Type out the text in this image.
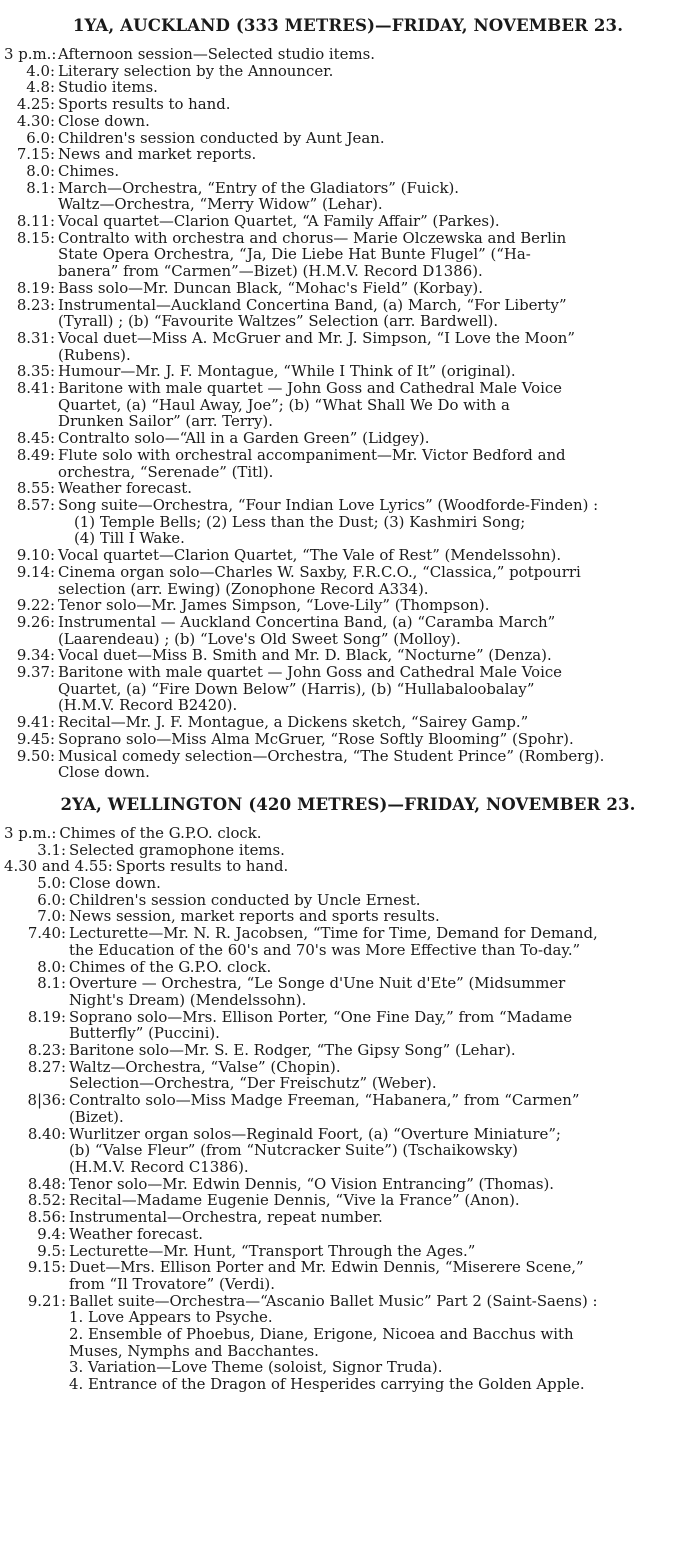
1YA, AUCKLAND (333 METRES)—FRIDAY, NOVEMBER 23.
3 p.m.: Afternoon session—Selected studio items.
4.0: Literary selection by the Announcer.
4.8: Studio items.
4.25: Sports results to hand.
4.30: Close down.
6.0: Children's session conducted by Aunt Jean.
7.15: News and market reports.
8.0: Chimes.
8.1: March—Orchestra, “Entry of the Gladiators” (Fuick).
Waltz—Orchestra, “Merry Widow” (Lehar).
8.11: Vocal quartet—Clarion Quartet, “A Family Affair” (Parkes).
8.15: Contralto with orchestra and chorus— Marie Olczewska and Berlin
State Opera Orchestra, “Ja, Die Liebe Hat Bunte Flugel” (“Ha-
banera” from “Carmen”—Bizet) (H.M.V. Record D1386).
8.19: Bass solo—Mr. Duncan Black, “Mohac's Field” (Korbay).
8.23: Instrumental—Auckland Concertina Band, (a) March, “For Liberty”
(Tyrall) ; (b) “Favourite Waltzes” Selection (arr. Bardwell).
8.31: Vocal duet—Miss A. McGruer and Mr. J. Simpson, “I Love the Moon”
(Rubens).
8.35: Humour—Mr. J. F. Montague, “While I Think of It” (original).
8.41: Baritone with male quartet — John Goss and Cathedral Male Voice
Quartet, (a) “Haul Away, Joe”; (b) “What Shall We Do with a
Drunken Sailor” (arr. Terry).
8.45: Contralto solo—“All in a Garden Green” (Lidgey).
8.49: Flute solo with orchestral accompaniment—Mr. Victor Bedford and
orchestra, “Serenade” (Titl).
8.55: Weather forecast.
8.57: Song suite—Orchestra, “Four Indian Love Lyrics” (Woodforde-Finden) :
(1) Temple Bells; (2) Less than the Dust; (3) Kashmiri Song;
(4) Till I Wake.
9.10: Vocal quartet—Clarion Quartet, “The Vale of Rest” (Mendelssohn).
9.14: Cinema organ solo—Charles W. Saxby, F.R.C.O., “Classica,” potpourri
selection (arr. Ewing) (Zonophone Record A334).
9.22: Tenor solo—Mr. James Simpson, “Love-Lily” (Thompson).
9.26: Instrumental — Auckland Concertina Band, (a) “Caramba March”
(Laarendeau) ; (b) “Love's Old Sweet Song” (Molloy).
9.34: Vocal duet—Miss B. Smith and Mr. D. Black, “Nocturne” (Denza).
9.37: Baritone with male quartet — John Goss and Cathedral Male Voice
Quartet, (a) “Fire Down Below” (Harris), (b) “Hullabaloobalay”
(H.M.V. Record B2420).
9.41: Recital—Mr. J. F. Montague, a Dickens sketch, “Sairey Gamp.”
9.45: Soprano solo—Miss Alma McGruer, “Rose Softly Blooming” (Spohr).
9.50: Musical comedy selection—Orchestra, “The Student Prince” (Romberg).
Close down.
2YA, WELLINGTON (420 METRES)—FRIDAY, NOVEMBER 23.
3 p.m.: Chimes of the G.P.O. clock.
3.1: Selected gramophone items.
4.30 and 4.55: Sports results to hand.
5.0: Close down.
6.0: Children's session conducted by Uncle Ernest.
7.0: News session, market reports and sports results.
7.40: Lecturette—Mr. N. R. Jacobsen, “Time for Time, Demand for Demand,
the Education of the 60's and 70's was More Effective than To-day.”
8.0: Chimes of the G.P.O. clock.
8.1: Overture — Orchestra, “Le Songe d'Une Nuit d'Ete” (Midsummer
Night's Dream) (Mendelssohn).
8.19: Soprano solo—Mrs. Ellison Porter, “One Fine Day,” from “Madame
Butterfly” (Puccini).
8.23: Baritone solo—Mr. S. E. Rodger, “The Gipsy Song” (Lehar).
8.27: Waltz—Orchestra, “Valse” (Chopin).
Selection—Orchestra, “Der Freischutz” (Weber).
8|36: Contralto solo—Miss Madge Freeman, “Habanera,” from “Carmen”
(Bizet).
8.40: Wurlitzer organ solos—Reginald Foort, (a) “Overture Miniature”;
(b) “Valse Fleur” (from “Nutcracker Suite”) (Tschaikowsky)
(H.M.V. Record C1386).
8.48: Tenor solo—Mr. Edwin Dennis, “O Vision Entrancing” (Thomas).
8.52: Recital—Madame Eugenie Dennis, “Vive la France” (Anon).
8.56: Instrumental—Orchestra, repeat number.
9.4: Weather forecast.
9.5: Lecturette—Mr. Hunt, “Transport Through the Ages.”
9.15: Duet—Mrs. Ellison Porter and Mr. Edwin Dennis, “Miserere Scene,”
from “Il Trovatore” (Verdi).
9.21: Ballet suite—Orchestra—“Ascanio Ballet Music” Part 2 (Saint-Saens) :
1. Love Appears to Psyche.
2. Ensemble of Phoebus, Diane, Erigone, Nicoea and Bacchus with
Muses, Nymphs and Bacchantes.
3. Variation—Love Theme (soloist, Signor Truda).
4. Entrance of the Dragon of Hesperides carrying the Golden Apple.
